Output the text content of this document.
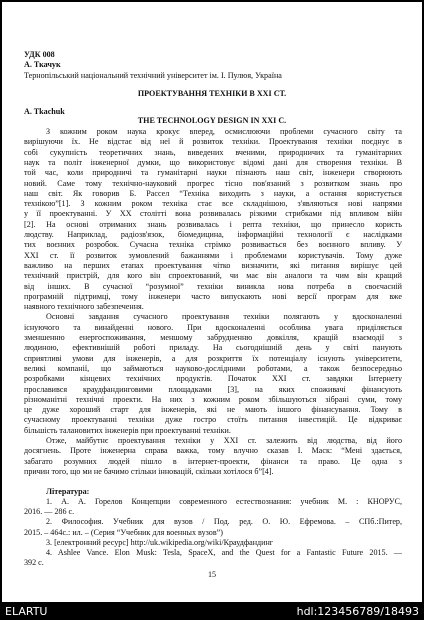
УДК 008
А. Ткачук
Тернопільський національний технічний університет ім. І. Пулюя, Україна
ПРОЕКТУВАННЯ ТЕХНІКИ В ХХІ СТ.
A. Tkachuk
THE TECHNOLOGY DESIGN IN XXI C.
З кожним роком наука крокує вперед, осмислюючи проблеми сучасного світу та
вирішуючи їх. Не відстає від неї й розвиток техніки. Проектування техніки поєднує в
собі сукупність теоретичних знань, виведених вченими, природничих та гуманітарних
наук та політ інженерної думки, що використовує відомі дані для створення техніки. В
той час, коли природничі та гуманітарні науки пізнають наш світ, інженери створюють
новий. Саме тому технічно-науковий прогрес тісно пов'язаний з розвитком знань про
наш світ. Як говорив Б. Рассел “Техніка виходить з науки, а остання користується
технікою”[1]. З кожним роком техніка стає все складнішою, з'являються нові напрями
у її проектуванні. У ХХ столітті вона розвивалась різкими стрибками під впливом війн
[2]. На основі отриманих знань розвивалась і репта техніки, що принесло користь
людству. Наприклад, радіозв'язок, біомедицина, інформаційні технології є наслідками
тих воєнних розробок. Сучасна техніка стрімко розвивається без воєнного впливу. У
ХХІ ст. її розвиток зумовлений бажаннями і проблемами користувачів. Тому дуже
важливо на перших етапах проектування чітко визначити, які питання вирішує цей
технічний пристрій, для кого він спроектований, чи має він аналоги та чим він кращий
від інших. В сучасної “розумної” техніки виникла нова потреба в своєчасній
програмній підтримці, тому інженери часто випускають нові версії програм для вже
наявного технічного забезпечення.
Основні завдання сучасного проектування техніки полягають у вдосконаленні
існуючого та винайденні нового. При вдосконаленні особлива увага приділяється
зменшенню енергоспоживання, меншому забрудненню довкілля, кращій взаємодії з
людиною, ефективнішій роботі приладу. На сьогоднішній день у світі панують
сприятливі умови для інженерів, а для розкриття їх потенціалу існують університети,
великі компанії, що займаються науково-дослідними роботами, а також безпосередньо
розробками кінцевих технічних продуктів. Початок ХХІ ст. завдяки Інтернету
прославився краудфандинговими площадками [3], на яких споживачі фінансують
різноманітні технічні проекти. На них з кожним роком збільшуються зібрані суми, тому
це дуже хороший старт для інженерів, які не мають іншого фінансування. Тому в
сучасному проектуванні техніки дуже гостро стоїть питання інвестицій. Це відкриває
більшість талановитих інженерів при проектуванні техніки.
Отже, майбутнє проектування техніки у ХХІ ст. залежить від людства, від його
досягнень. Проте інженерна справа важка, тому влучно сказав І. Маск: “Мені здається,
забагато розумних людей пішло в інтернет-проекти, фінанси та право. Це одна з
причин того, що ми не бачимо стільки інновацій, скільки хотілося б”[4].
Література:
1. А. А. Горелов Концепции современного естествознания: учебник М. : КНОРУС,
2016. — 286 с.
2. Философия. Учебник для вузов / Под. ред. О. Ю. Ефремова. – СПб.:Питер,
2015. – 464с.: ил. – (Серия “Учебник для военных вузов”)
3. [електронний ресурс] http://uk.wikipedia.org/wiki/Краудфандинг
4. Ashlee Vance. Elon Musk: Tesla, SpaceX, and the Quest for a Fantastic Future 2015. —
392 с.
15
ELARTU	hdl:123456789/18493
